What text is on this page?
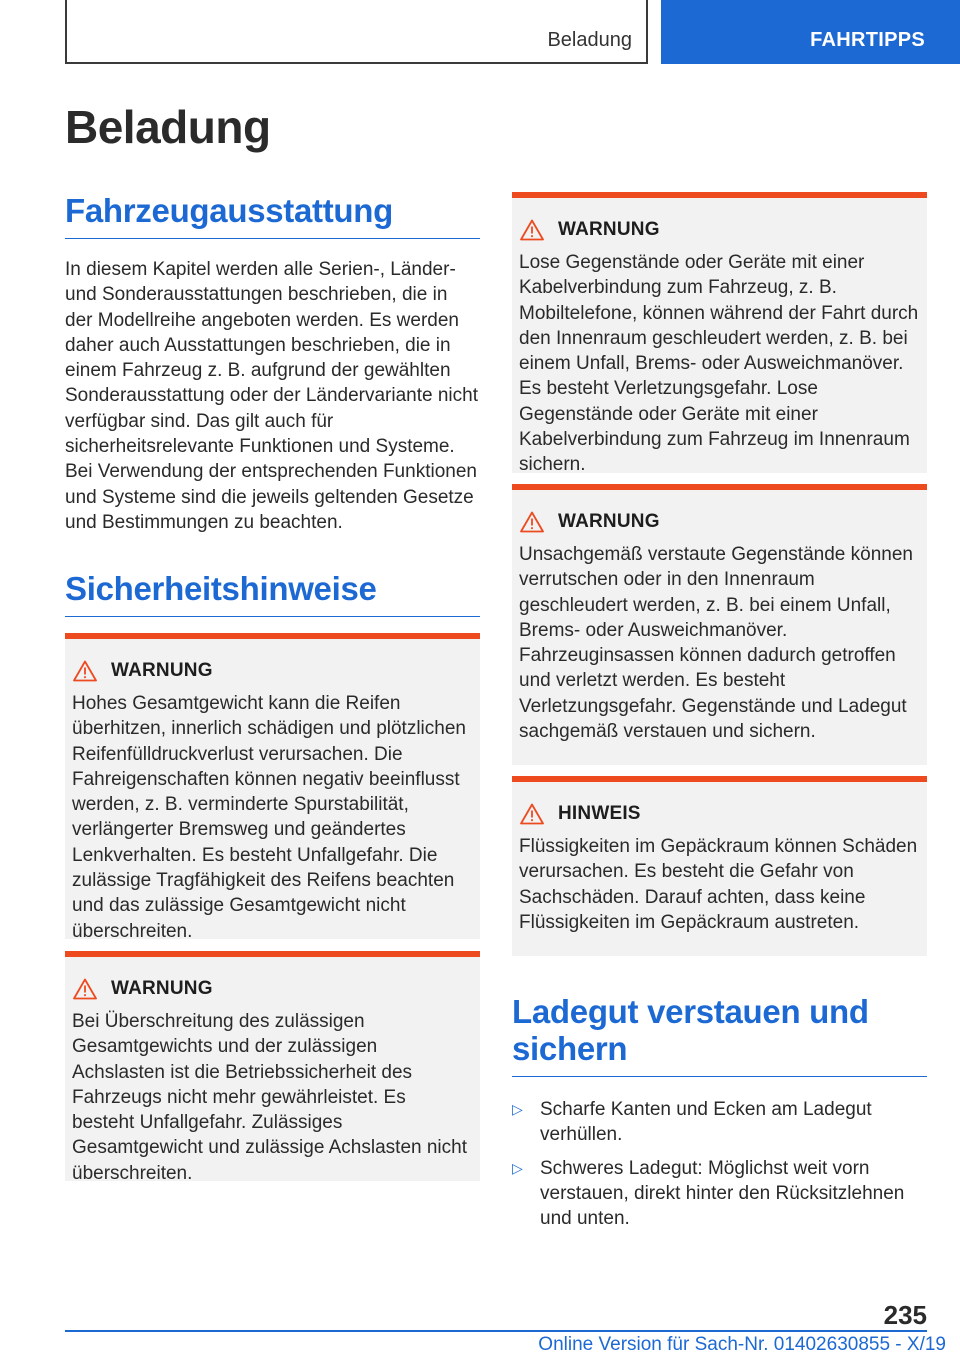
Beladung	FAHRTIPPS
Beladung
Fahrzeugausstattung

In diesem Kapitel werden alle Serien-, Länder- und Sonderausstattungen beschrieben, die in der Modellreihe angeboten werden. Es werden daher auch Ausstattungen beschrieben, die in einem Fahrzeug z. B. aufgrund der gewählten Sonderausstattung oder der Ländervariante nicht verfügbar sind. Das gilt auch für sicherheitsrelevante Funktionen und Systeme. Bei Verwendung der entsprechenden Funktionen und Systeme sind die jeweils geltenden Gesetze und Bestimmungen zu beachten.

Sicherheitshinweise
WARNUNG

Hohes Gesamtgewicht kann die Reifen überhitzen, innerlich schädigen und plötzlichen Reifenfülldruckverlust verursachen. Die Fahreigenschaften können negativ beeinflusst werden, z. B. verminderte Spurstabilität, verlängerter Bremsweg und geändertes Lenkverhalten. Es besteht Unfallgefahr. Die zulässige Tragfähigkeit des Reifens beachten und das zulässige Gesamtgewicht nicht überschreiten.

WARNUNG

Bei Überschreitung des zulässigen Gesamtgewichts und der zulässigen Achslasten ist die Betriebssicherheit des Fahrzeugs nicht mehr gewährleistet. Es besteht Unfallgefahr. Zulässiges Gesamtgewicht und zulässige Achslasten nicht überschreiten.

WARNUNG

Lose Gegenstände oder Geräte mit einer Kabelverbindung zum Fahrzeug, z. B. Mobiltelefone, können während der Fahrt durch den Innenraum geschleudert werden, z. B. bei einem Unfall, Brems- oder Ausweichmanöver. Es besteht Verletzungsgefahr. Lose Gegenstände oder Geräte mit einer Kabelverbindung zum Fahrzeug im Innenraum sichern.

WARNUNG

Unsachgemäß verstaute Gegenstände können verrutschen oder in den Innenraum geschleudert werden, z. B. bei einem Unfall, Brems- oder Ausweichmanöver. Fahrzeuginsassen können dadurch getroffen und verletzt werden. Es besteht Verletzungsgefahr. Gegenstände und Ladegut sachgemäß verstauen und sichern.

HINWEIS

Flüssigkeiten im Gepäckraum können Schäden verursachen. Es besteht die Gefahr von Sachschäden. Darauf achten, dass keine Flüssigkeiten im Gepäckraum austreten.

Ladegut verstauen und sichern
▷ Scharfe Kanten und Ecken am Ladegut verhüllen.
▷ Schweres Ladegut: Möglichst weit vorn verstauen, direkt hinter den Rücksitzlehnen und unten.
235
Online Version für Sach-Nr. 01402630855 - X/19
